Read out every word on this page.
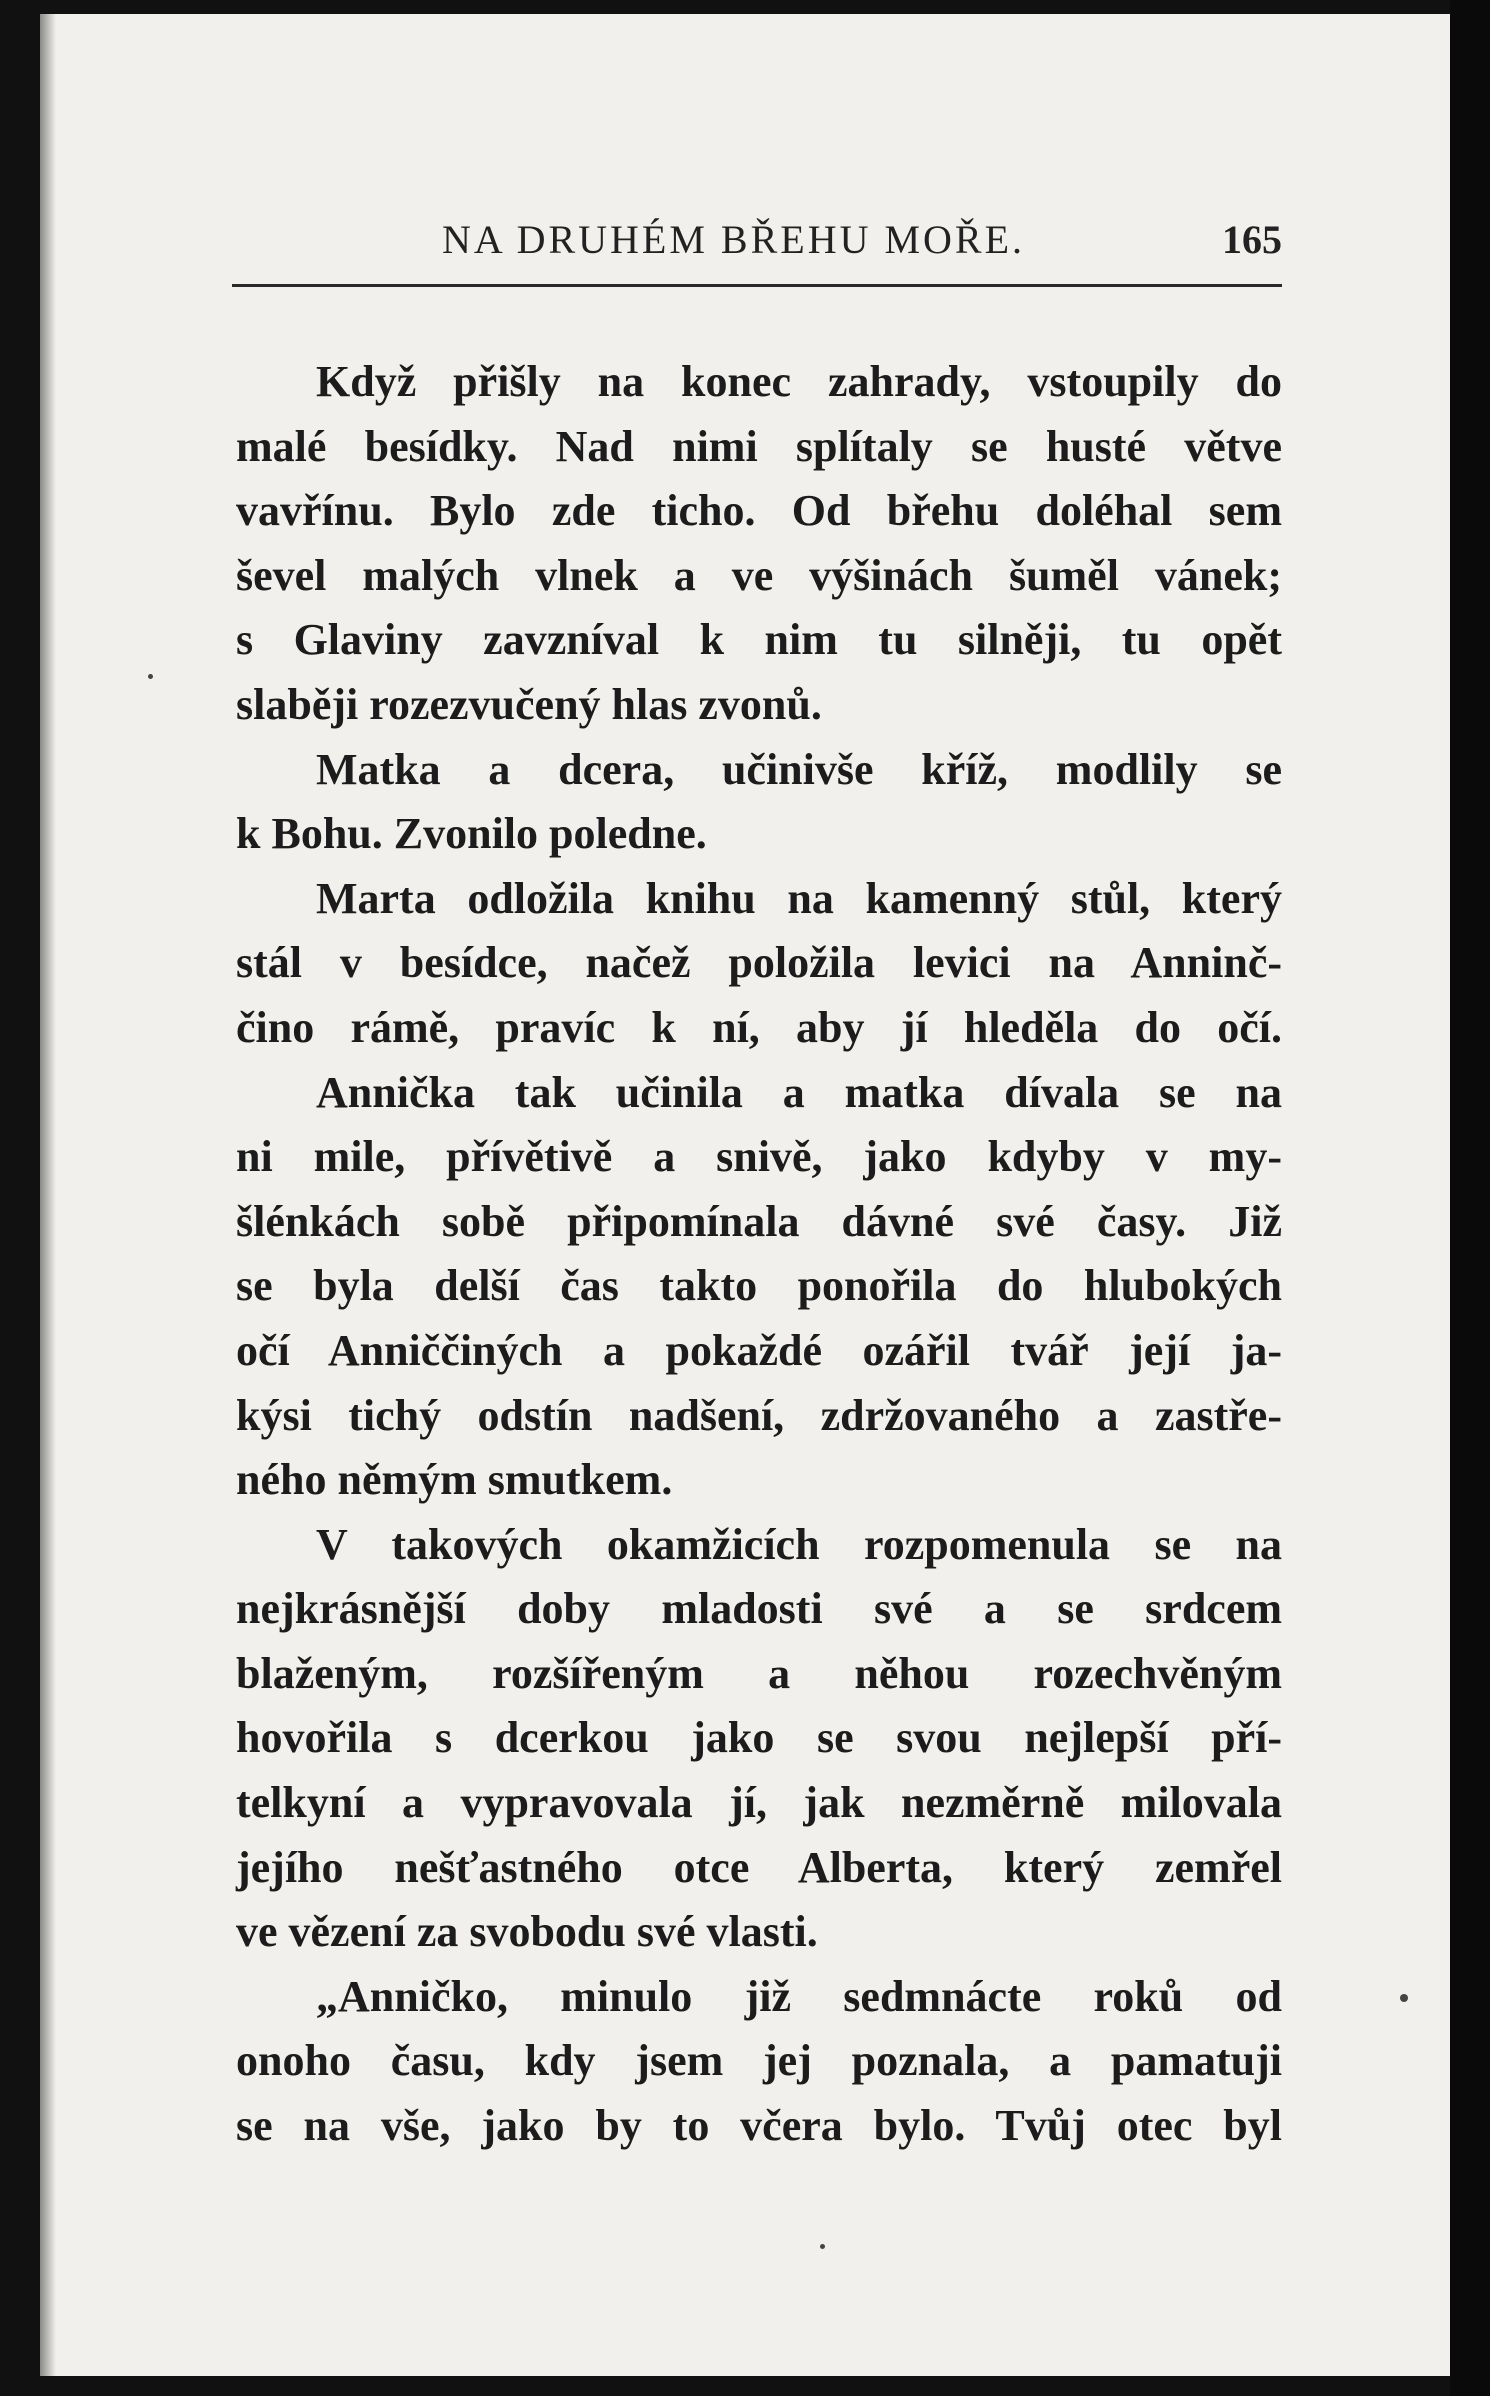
NA DRUHÉM BŘEHU MOŘE.	165
Když přišly na konec zahrady, vstoupily do
malé besídky. Nad nimi splítaly se husté větve
vavřínu. Bylo zde ticho. Od břehu doléhal sem
ševel malých vlnek a ve výšinách šuměl vánek;
s Glaviny zavzníval k nim tu silněji, tu opět
slaběji rozezvučený hlas zvonů.
Matka a dcera, učinivše kříž, modlily se
k Bohu. Zvonilo poledne.
Marta odložila knihu na kamenný stůl, který
stál v besídce, načež položila levici na Anninč-
čino rámě, pravíc k ní, aby jí hleděla do očí.
Annička tak učinila a matka dívala se na
ni mile, přívětivě a snivě, jako kdyby v my-
šlénkách sobě připomínala dávné své časy. Již
se byla delší čas takto ponořila do hlubokých
očí Anniččiných a pokaždé ozářil tvář její ja-
kýsi tichý odstín nadšení, zdržovaného a zastře-
ného němým smutkem.
V takových okamžicích rozpomenula se na
nejkrásnější doby mladosti své a se srdcem
blaženým, rozšířeným a něhou rozechvěným
hovořila s dcerkou jako se svou nejlepší pří-
telkyní a vypravovala jí, jak nezměrně milovala
jejího nešťastného otce Alberta, který zemřel
ve vězení za svobodu své vlasti.
„Anničko, minulo již sedmnácte roků od
onoho času, kdy jsem jej poznala, a pamatuji
se na vše, jako by to včera bylo. Tvůj otec byl
